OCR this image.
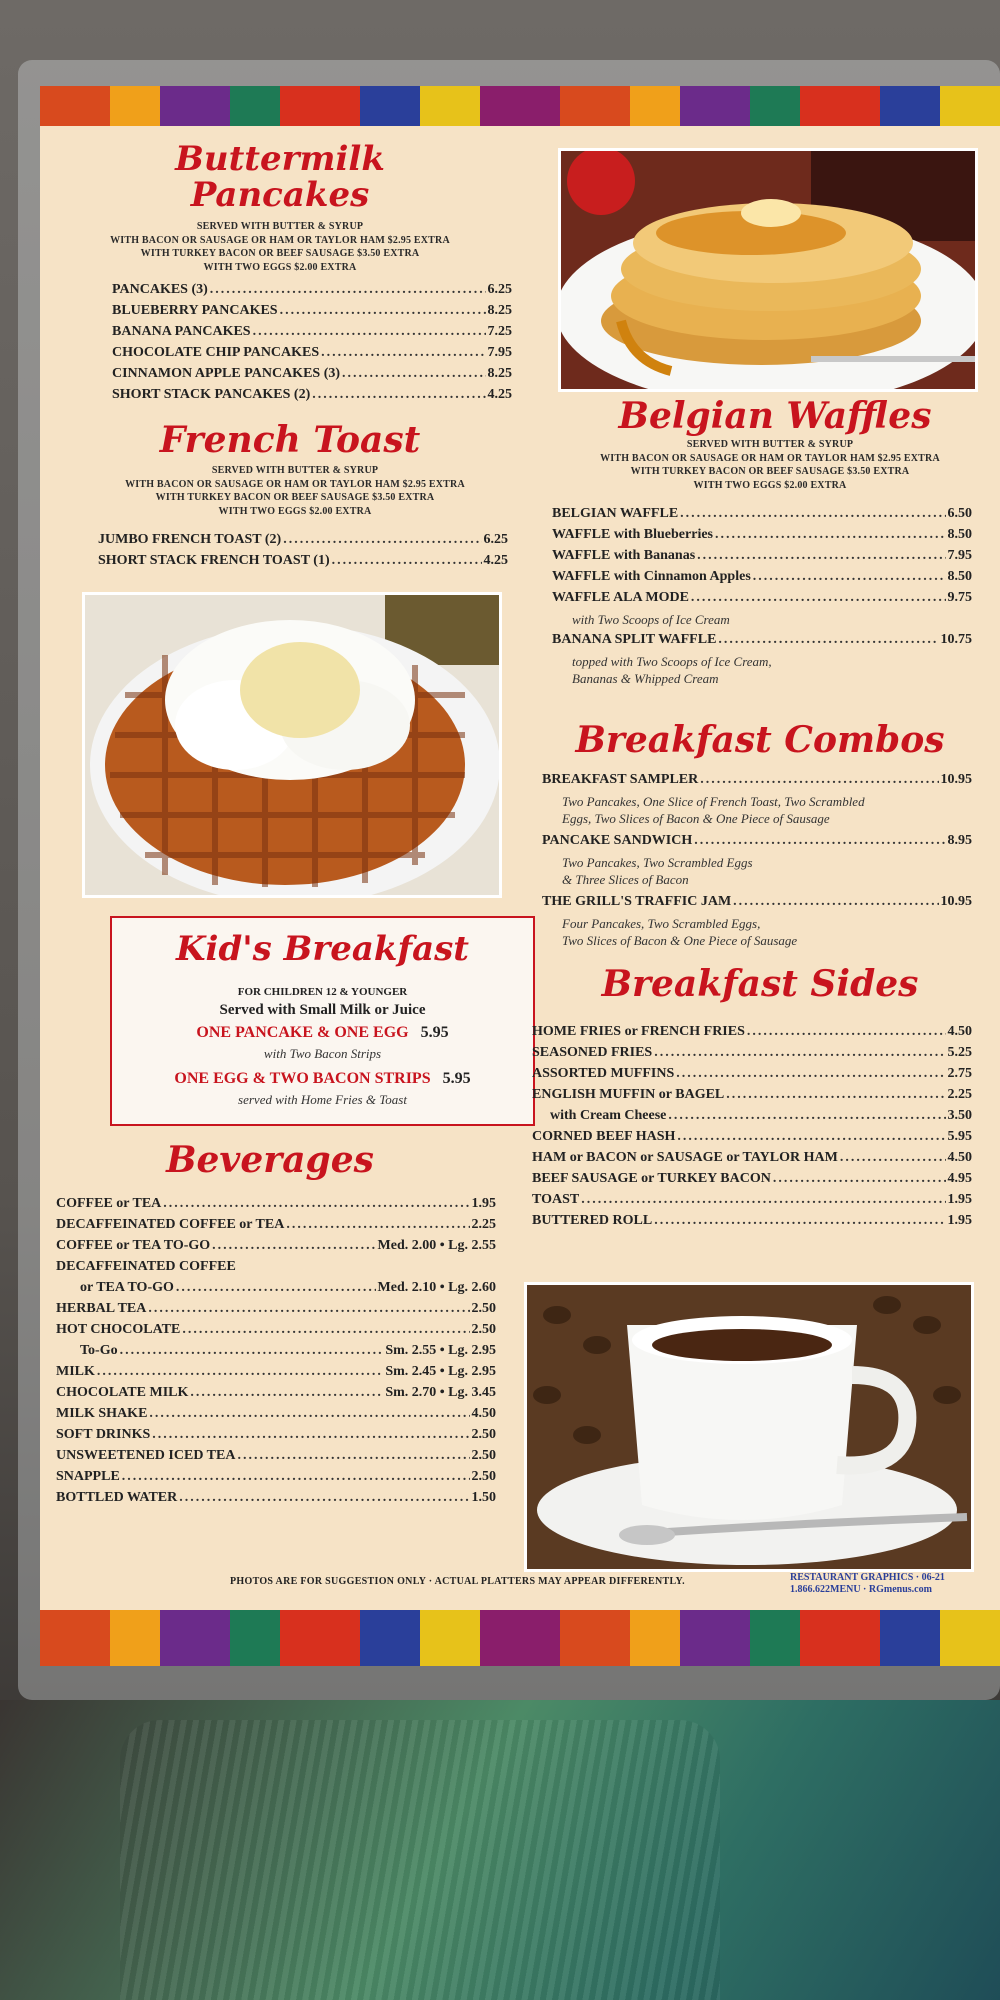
Buttermilk
Pancakes
SERVED WITH BUTTER & SYRUP
WITH BACON OR SAUSAGE OR HAM OR TAYLOR HAM $2.95 EXTRA
WITH TURKEY BACON OR BEEF SAUSAGE $3.50 EXTRA
WITH TWO EGGS $2.00 EXTRA
PANCAKES (3) .....	6.25
BLUEBERRY PANCAKES .....	8.25
BANANA PANCAKES .....	7.25
CHOCOLATE CHIP PANCAKES .....	7.95
CINNAMON APPLE PANCAKES (3) .....	8.25
SHORT STACK PANCAKES (2) .....	4.25
French Toast
SERVED WITH BUTTER & SYRUP
WITH BACON OR SAUSAGE OR HAM OR TAYLOR HAM $2.95 EXTRA
WITH TURKEY BACON OR BEEF SAUSAGE $3.50 EXTRA
WITH TWO EGGS $2.00 EXTRA
JUMBO FRENCH TOAST (2) .....	6.25
SHORT STACK FRENCH TOAST (1) .....	4.25
Kid's Breakfast
FOR CHILDREN 12 & YOUNGER
Served with Small Milk or Juice
ONE PANCAKE & ONE EGG 5.95
with Two Bacon Strips
ONE EGG & TWO BACON STRIPS 5.95
served with Home Fries & Toast
Beverages
COFFEE or TEA .....	1.95
DECAFFEINATED COFFEE or TEA .....	2.25
COFFEE or TEA TO-GO .....	Med. 2.00 • Lg. 2.55
DECAFFEINATED COFFEE
or TEA TO-GO .....	Med. 2.10 • Lg. 2.60
HERBAL TEA .....	2.50
HOT CHOCOLATE .....	2.50
To-Go .....	Sm. 2.55 • Lg. 2.95
MILK .....	Sm. 2.45 • Lg. 2.95
CHOCOLATE MILK .....	Sm. 2.70 • Lg. 3.45
MILK SHAKE .....	4.50
SOFT DRINKS .....	2.50
UNSWEETENED ICED TEA .....	2.50
SNAPPLE .....	2.50
BOTTLED WATER .....	1.50
Belgian Waffles
SERVED WITH BUTTER & SYRUP
WITH BACON OR SAUSAGE OR HAM OR TAYLOR HAM $2.95 EXTRA
WITH TURKEY BACON OR BEEF SAUSAGE $3.50 EXTRA
WITH TWO EGGS $2.00 EXTRA
BELGIAN WAFFLE .....	6.50
WAFFLE with Blueberries .....	8.50
WAFFLE with Bananas .....	7.95
WAFFLE with Cinnamon Apples .....	8.50
WAFFLE ALA MODE .....	9.75
with Two Scoops of Ice Cream
BANANA SPLIT WAFFLE .....	10.75
topped with Two Scoops of Ice Cream,
Bananas & Whipped Cream
Breakfast Combos
BREAKFAST SAMPLER .....	10.95
Two Pancakes, One Slice of French Toast, Two Scrambled
Eggs, Two Slices of Bacon & One Piece of Sausage
PANCAKE SANDWICH .....	8.95
Two Pancakes, Two Scrambled Eggs
& Three Slices of Bacon
THE GRILL'S TRAFFIC JAM .....	10.95
Four Pancakes, Two Scrambled Eggs,
Two Slices of Bacon & One Piece of Sausage
Breakfast Sides
HOME FRIES or FRENCH FRIES .....	4.50
SEASONED FRIES .....	5.25
ASSORTED MUFFINS .....	2.75
ENGLISH MUFFIN or BAGEL .....	2.25
with Cream Cheese .....	3.50
CORNED BEEF HASH .....	5.95
HAM or BACON or SAUSAGE or TAYLOR HAM .....	4.50
BEEF SAUSAGE or TURKEY BACON .....	4.95
TOAST .....	1.95
BUTTERED ROLL .....	1.95
PHOTOS ARE FOR SUGGESTION ONLY · ACTUAL PLATTERS MAY APPEAR DIFFERENTLY.	RESTAURANT GRAPHICS · 06-21
1.866.622MENU · RGmenus.com
